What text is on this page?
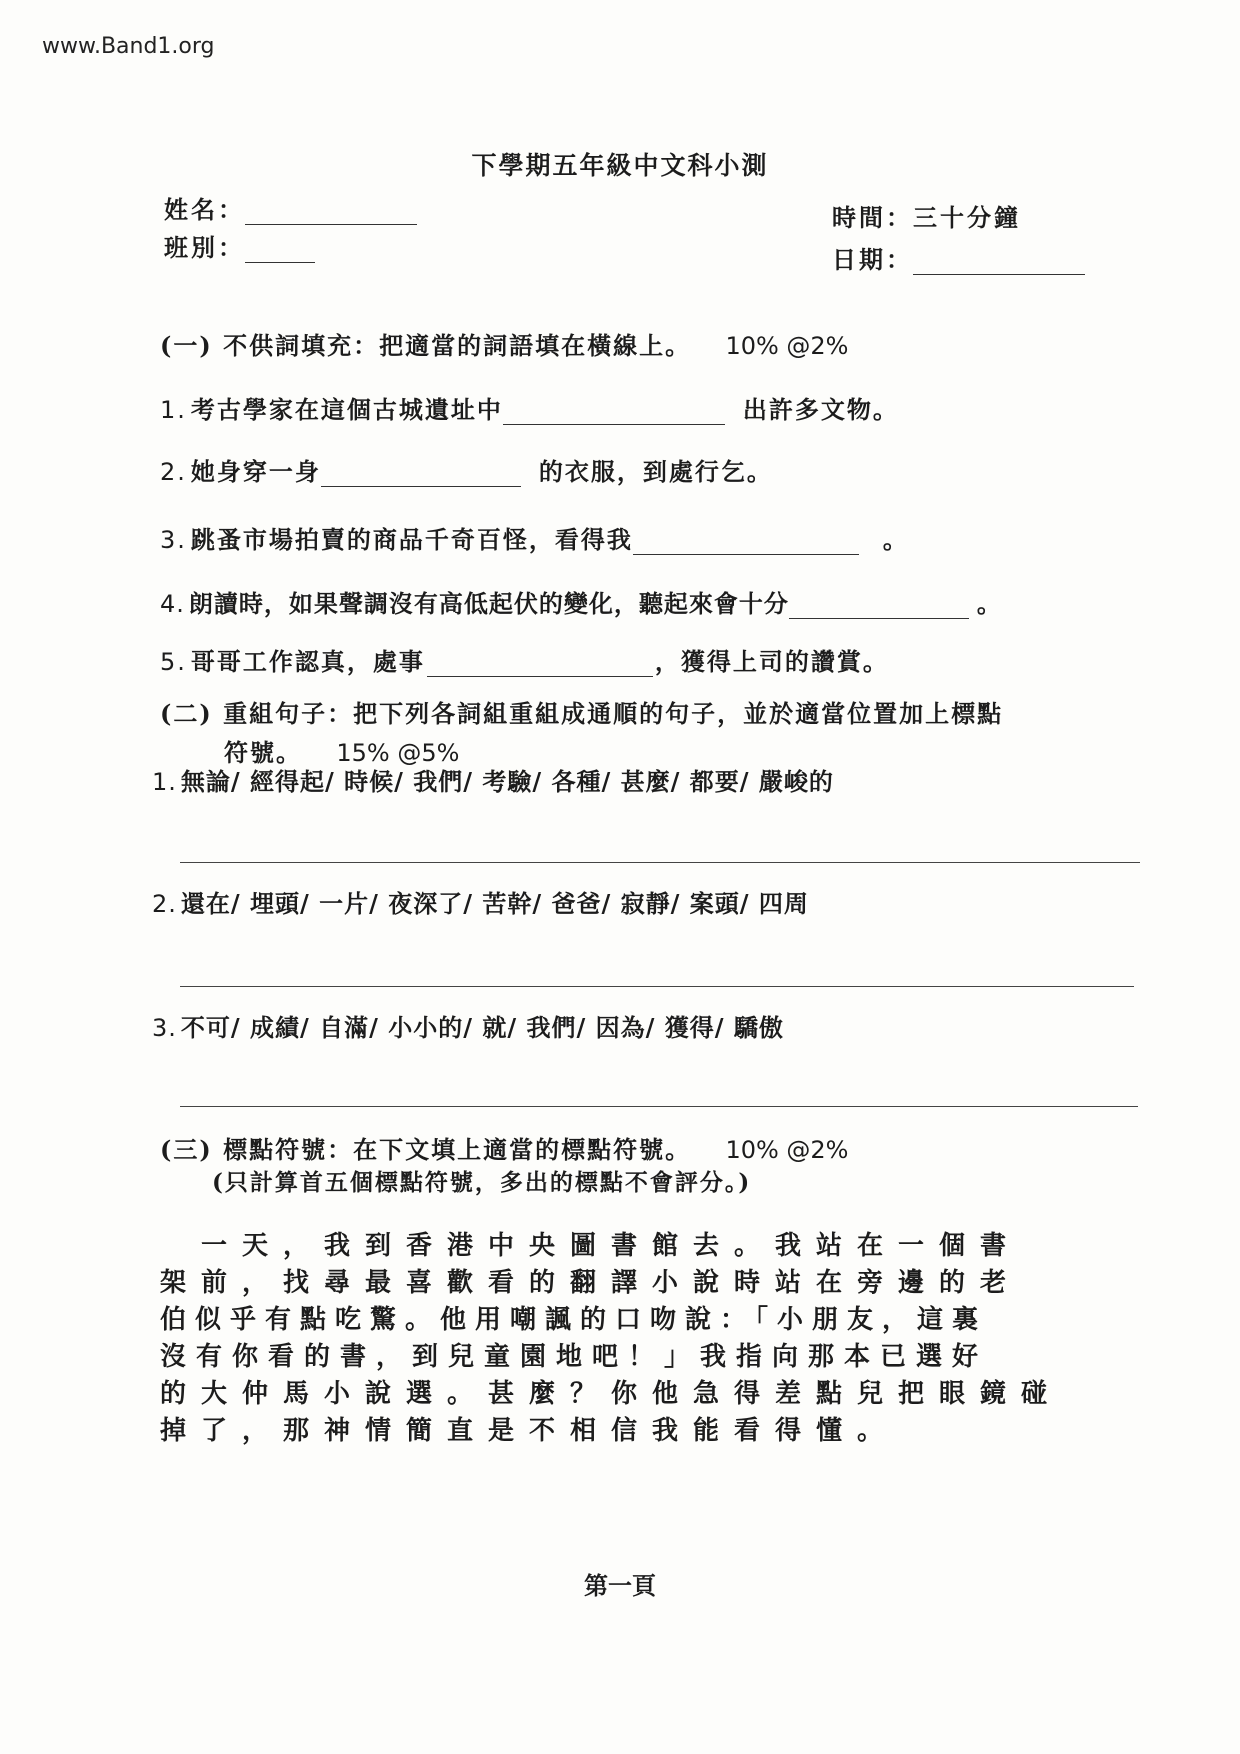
www.Band1.org
下學期五年級中文科小測
姓名：
班別：
時間：三十分鐘
日期：
(一) 不供詞填充：把適當的詞語填在橫線上。 10% @2%
1. 考古學家在這個古城遺址中	出許多文物。
2. 她身穿一身	的衣服，到處行乞。
3. 跳蚤市場拍賣的商品千奇百怪，看得我	。
4. 朗讀時，如果聲調沒有高低起伏的變化，聽起來會十分	。
5. 哥哥工作認真，處事	，獲得上司的讚賞。
(二) 重組句子：把下列各詞組重組成通順的句子，並於適當位置加上標點
符號。 15% @5%
1. 無論/ 經得起/ 時候/ 我們/ 考驗/ 各種/ 甚麼/ 都要/ 嚴峻的
2. 還在/ 埋頭/ 一片/ 夜深了/ 苦幹/ 爸爸/ 寂靜/ 案頭/ 四周
3. 不可/ 成績/ 自滿/ 小小的/ 就/ 我們/ 因為/ 獲得/ 驕傲
(三) 標點符號：在下文填上適當的標點符號。 10% @2%
(只計算首五個標點符號，多出的標點不會評分。)
　一天，我到香港中央圖書館去。我站在一個書
架前，找尋最喜歡看的翻譯小說時站在旁邊的老
伯似乎有點吃驚。他用嘲諷的口吻說：「小朋友，這裏
沒有你看的書，到兒童園地吧！」我指向那本已選好
的大仲馬小說選。甚麼？你他急得差點兒把眼鏡碰
掉了，那神情簡直是不相信我能看得懂。
第一頁
